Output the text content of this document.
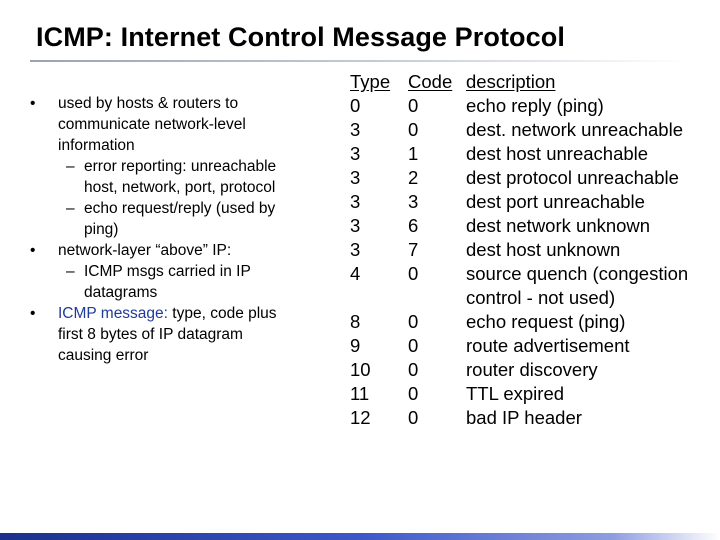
ICMP: Internet Control Message Protocol
• used by hosts & routers to
communicate network-level
information
– error reporting: unreachable
host, network, port, protocol
– echo request/reply (used by
ping)
• network-layer “above” IP:
– ICMP msgs carried in IP
datagrams
• ICMP message: type, code plus
first 8 bytes of IP datagram
causing error
Type Code description
0	0	echo reply (ping)
3	0	dest. network unreachable
3	1	dest host unreachable
3	2	dest protocol unreachable
3	3	dest port unreachable
3	6	dest network unknown
3	7	dest host unknown
4	0	source quench (congestion
control - not used)
8	0	echo request (ping)
9	0	route advertisement
10 0	router discovery
11 0	TTL expired
12 0	bad IP header
